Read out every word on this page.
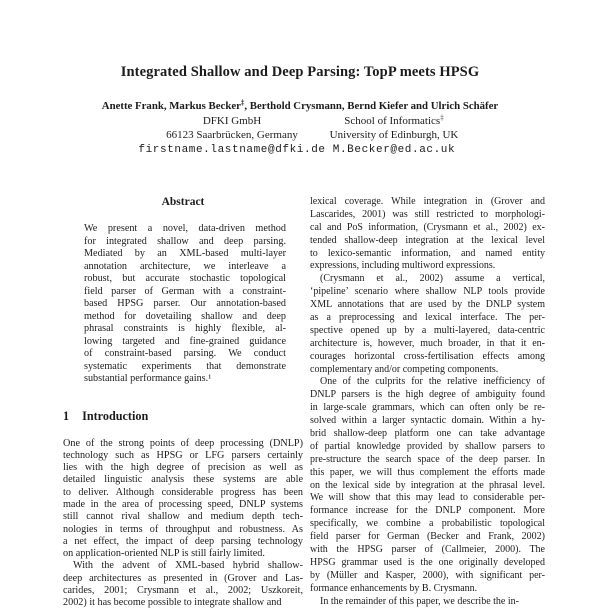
Integrated Shallow and Deep Parsing: TopP meets HPSG
Anette Frank, Markus Becker‡, Berthold Crysmann, Bernd Kiefer and Ulrich Schäfer
DFKI GmbH
66123 Saarbrücken, Germany
firstname.lastname@dfki.de
School of Informatics‡
University of Edinburgh, UK
M.Becker@ed.ac.uk
Abstract
We present a novel, data-driven method
for integrated shallow and deep parsing.
Mediated by an XML-based multi-layer
annotation architecture, we interleave a
robust, but accurate stochastic topological
field parser of German with a constraint-
based HPSG parser. Our annotation-based
method for dovetailing shallow and deep
phrasal constraints is highly flexible, al-
lowing targeted and fine-grained guidance
of constraint-based parsing. We conduct
systematic experiments that demonstrate
substantial performance gains.¹
1 Introduction
One of the strong points of deep processing (DNLP)
technology such as HPSG or LFG parsers certainly
lies with the high degree of precision as well as
detailed linguistic analysis these systems are able
to deliver. Although considerable progress has been
made in the area of processing speed, DNLP systems
still cannot rival shallow and medium depth tech-
nologies in terms of throughput and robustness. As
a net effect, the impact of deep parsing technology
on application-oriented NLP is still fairly limited.
With the advent of XML-based hybrid shallow-
deep architectures as presented in (Grover and Las-
carides, 2001; Crysmann et al., 2002; Uszkoreit,
2002) it has become possible to integrate shallow and
lexical coverage. While integration in (Grover and
Lascarides, 2001) was still restricted to morphologi-
cal and PoS information, (Crysmann et al., 2002) ex-
tended shallow-deep integration at the lexical level
to lexico-semantic information, and named entity
expressions, including multiword expressions.
(Crysmann et al., 2002) assume a vertical,
‘pipeline’ scenario where shallow NLP tools provide
XML annotations that are used by the DNLP system
as a preprocessing and lexical interface. The per-
spective opened up by a multi-layered, data-centric
architecture is, however, much broader, in that it en-
courages horizontal cross-fertilisation effects among
complementary and/or competing components.
One of the culprits for the relative inefficiency of
DNLP parsers is the high degree of ambiguity found
in large-scale grammars, which can often only be re-
solved within a larger syntactic domain. Within a hy-
brid shallow-deep platform one can take advantage
of partial knowledge provided by shallow parsers to
pre-structure the search space of the deep parser. In
this paper, we will thus complement the efforts made
on the lexical side by integration at the phrasal level.
We will show that this may lead to considerable per-
formance increase for the DNLP component. More
specifically, we combine a probabilistic topological
field parser for German (Becker and Frank, 2002)
with the HPSG parser of (Callmeier, 2000). The
HPSG grammar used is the one originally developed
by (Müller and Kasper, 2000), with significant per-
formance enhancements by B. Crysmann.
In the remainder of this paper, we describe the in-
